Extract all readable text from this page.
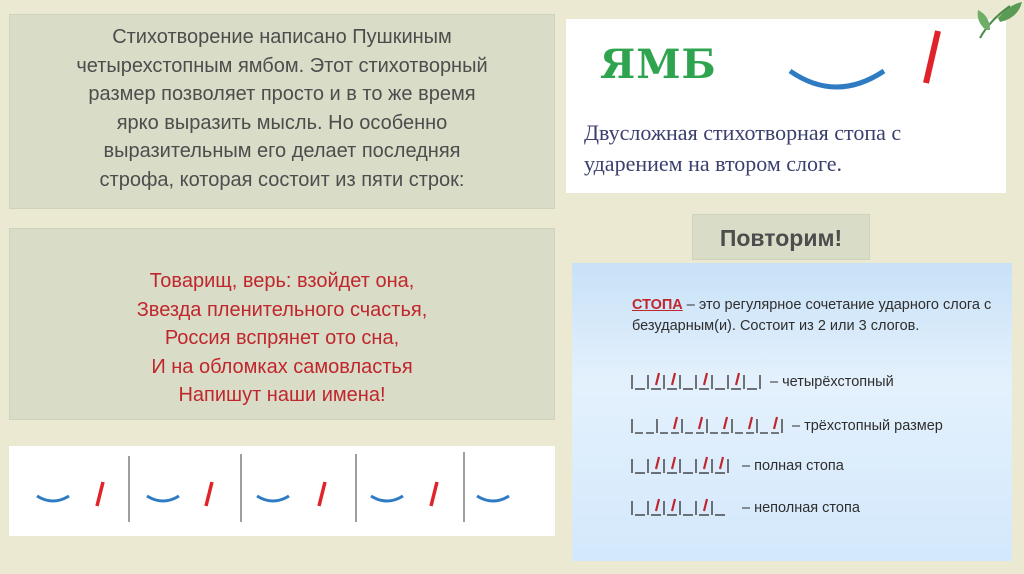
Стихотворение написано Пушкиным
четырехстопным ямбом. Этот стихотворный
размер позволяет просто и в то же время
ярко выразить мысль. Но особенно
выразительным его делает последняя
строфа, которая состоит из пяти строк:
Товарищ, верь: взойдет она,
Звезда пленительного счастья,
Россия вспрянет ото сна,
И на обломках самовластья
Напишут наши имена!
ЯМБ
Двусложная стихотворная стопа с ударением на втором слоге.
Повторим!
СТОПА – это регулярное сочетание ударного слога с безударным(и). Состоит из 2 или 3 слогов.
– четырёхстопный
– трёхстопный размер
– полная стопа
– неполная стопа
